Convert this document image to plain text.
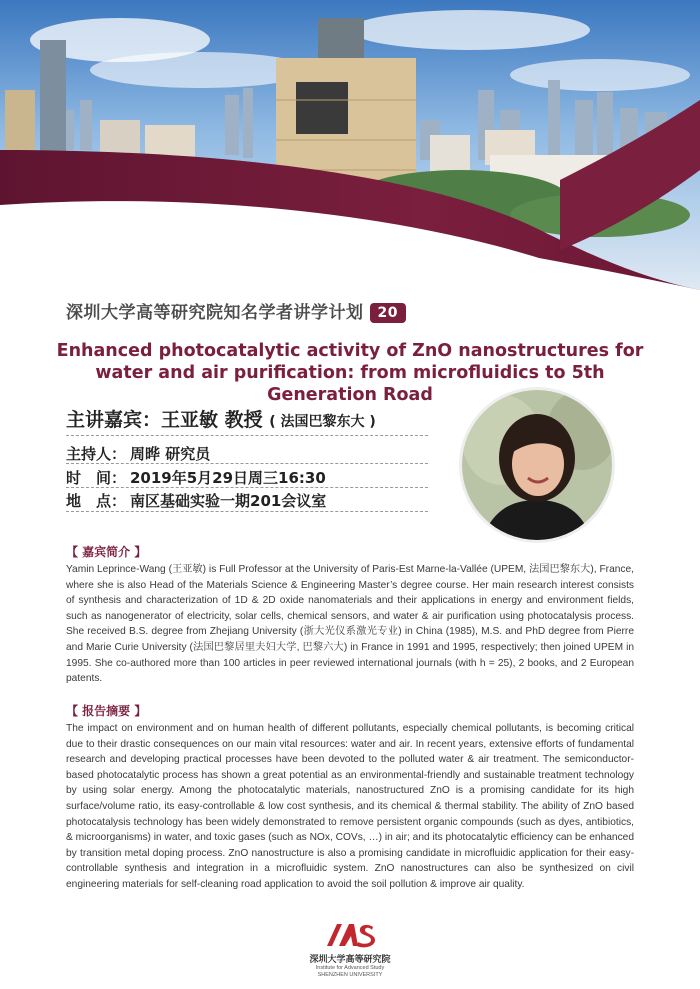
深圳大学高等研究院知名学者讲学计划 20
Enhanced photocatalytic activity of ZnO nanostructures for
water and air purification: from microfluidics to 5th Generation Road
主讲嘉宾：王亚敏 教授 ( 法国巴黎东大 )
主持人： 周晔 研究员
时　间： 2019年5月29日周三16:30
地　点： 南区基础实验一期201会议室
【 嘉宾简介 】
Yamin Leprince-Wang (王亚敏) is Full Professor at the University of Paris-Est Marne-la-Vallée (UPEM, 法国巴黎东大), France, where she is also Head of the Materials Science & Engineering Master’s degree course. Her main research interest consists of synthesis and characterization of 1D & 2D oxide nanomaterials and their applications in energy and environment fields, such as nanogenerator of electricity, solar cells, chemical sensors, and water & air purification using photocatalysis process. She received B.S. degree from Zhejiang University (浙大光仪系激光专业) in China (1985), M.S. and PhD degree from Pierre and Marie Curie University (法国巴黎居里夫妇大学, 巴黎六大) in France in 1991 and 1995, respectively; then joined UPEM in 1995. She co-authored more than 100 articles in peer reviewed international journals (with h = 25), 2 books, and 2 European patents.
【 报告摘要 】
The impact on environment and on human health of different pollutants, especially chemical pollutants, is becoming critical due to their drastic consequences on our main vital resources: water and air. In recent years, extensive efforts of fundamental research and developing practical processes have been devoted to the polluted water & air treatment. The semiconductor-based photocatalytic process has shown a great potential as an environmental-friendly and sustainable treatment technology by using solar energy. Among the photocatalytic materials, nanostructured ZnO is a promising candidate for its high surface/volume ratio, its easy-controllable & low cost synthesis, and its chemical & thermal stability. The ability of ZnO based photocatalysis technology has been widely demonstrated to remove persistent organic compounds (such as dyes, antibiotics, & microorganisms) in water, and toxic gases (such as NOx, COVs, …) in air; and its photocatalytic efficiency can be enhanced by transition metal doping process. ZnO nanostructure is also a promising candidate in microfluidic application for their easy-controllable synthesis and integration in a microfluidic system. ZnO nanostructures can also be synthesized on civil engineering materials for self-cleaning road application to avoid the soil pollution & improve air quality.
深圳大学高等研究院
Institute for Advanced Study
SHENZHEN UNIVERSITY
